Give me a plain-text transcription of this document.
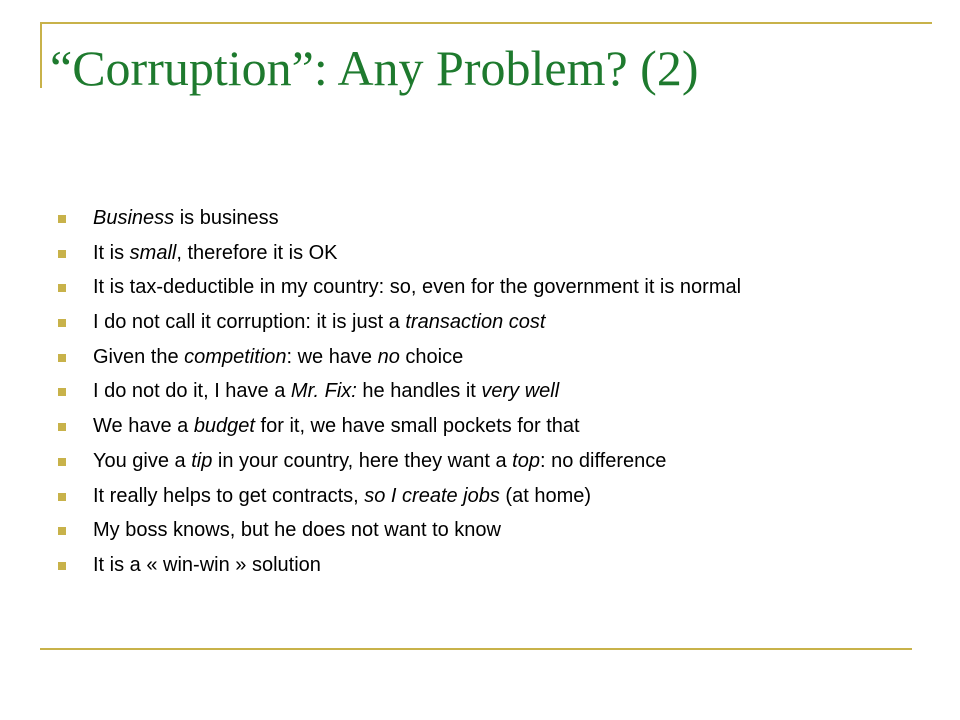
“Corruption”: Any Problem? (2)
Business is business
It is small, therefore it is OK
It is tax-deductible in my country: so, even for the government it is normal
I do not call it corruption: it is just a transaction cost
Given the competition: we have no choice
I do not do it, I have a Mr. Fix: he handles it very well
We have a budget for it, we have small pockets for that
You give a tip in your country, here they want a top: no difference
It really helps to get contracts, so I create jobs (at home)
My boss knows, but he does not want to know
It is a « win-win » solution
